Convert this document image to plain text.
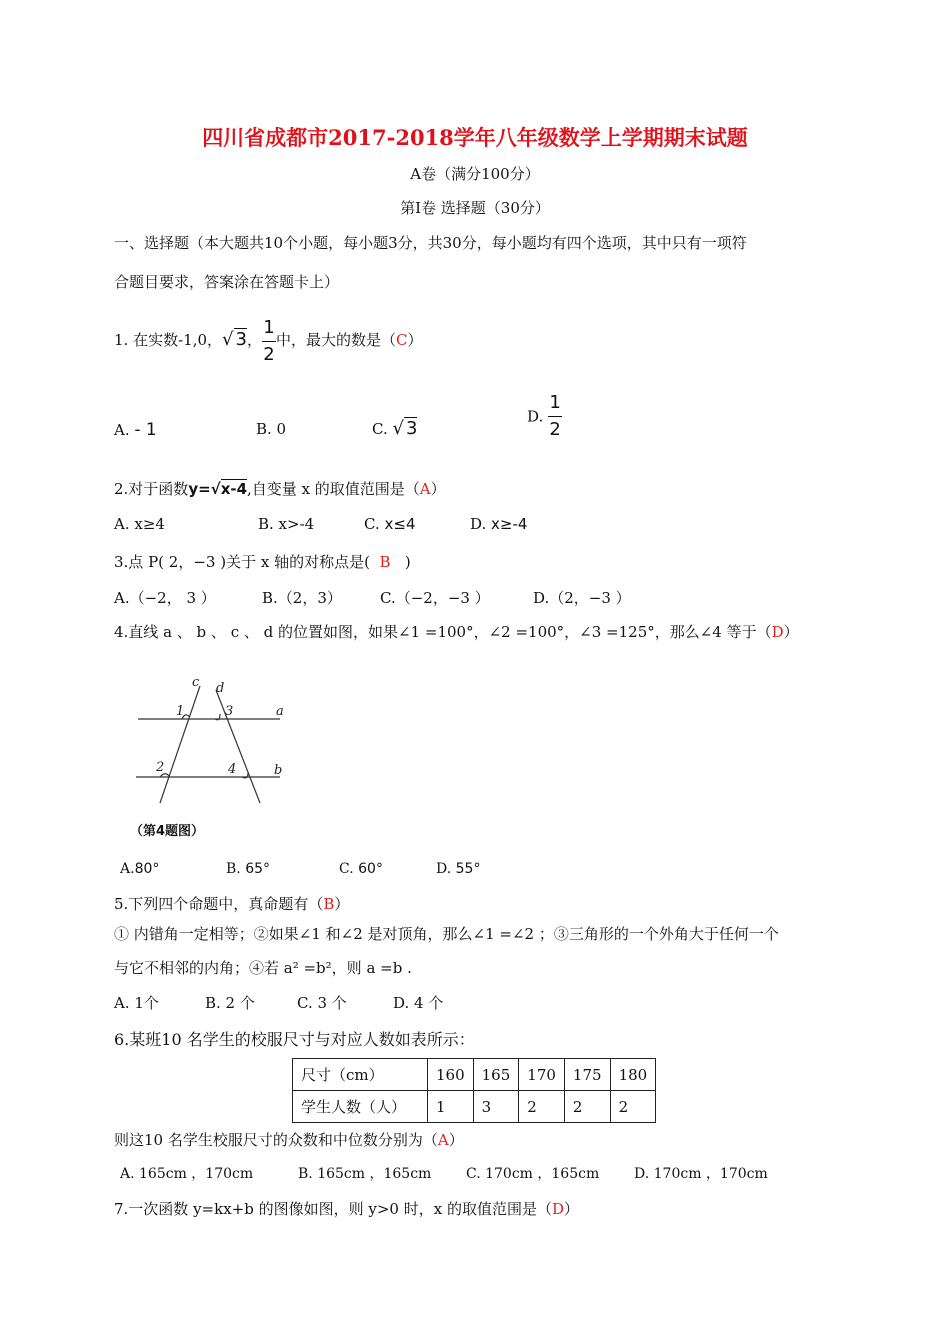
四川省成都市2017-2018学年八年级数学上学期期末试题
A卷（满分100分）
第Ⅰ卷 选择题（30分）
一、选择题（本大题共10个小题，每小题3分，共30分，每小题均有四个选项，其中只有一项符
合题目要求，答案涂在答题卡上）
1. 在实数-1,0，√ 3， $\frac{1}{2}$ 中，最大的数是（C）
A. - 1	B. 0	C. √ 3
D. $\frac{1}{2}$
2.对于函数y=√x-4,自变量 x 的取值范围是（A）
A. x≥4	B. x>-4	C. x≤4	D. x≥-4
3.点 P( 2，−3 )关于 x 轴的对称点是( B )
A.（−2， 3 ）	B.（2，3）	C.（−2，−3 ）	D.（2，−3 ）
4.直线 a 、 b 、 c 、 d 的位置如图，如果∠1 =100°，∠2 =100°，∠3 =125°，那么∠4 等于（D）
c d
a
b
1	3
2	4
（第4题图）
A.80°	B. 65°	C. 60°	D. 55°
5.下列四个命题中，真命题有（B）
① 内错角一定相等；②如果∠1 和∠2 是对顶角，那么∠1 =∠2 ；③三角形的一个外角大于任何一个
与它不相邻的内角；④若 a² =b²，则 a =b .
A. 1个	B. 2 个	C. 3 个	D. 4 个
6.某班10 名学生的校服尺寸与对应人数如表所示：
尺寸（cm）	160	165	170	175	180
学生人数（人）	1	3	2	2	2
则这10 名学生校服尺寸的众数和中位数分别为（A）
A. 165cm ，170cm	B. 165cm ，165cm C. 170cm ，165cm D. 170cm ，170cm
7.一次函数 y=kx+b 的图像如图，则 y>0 时，x 的取值范围是（D）
